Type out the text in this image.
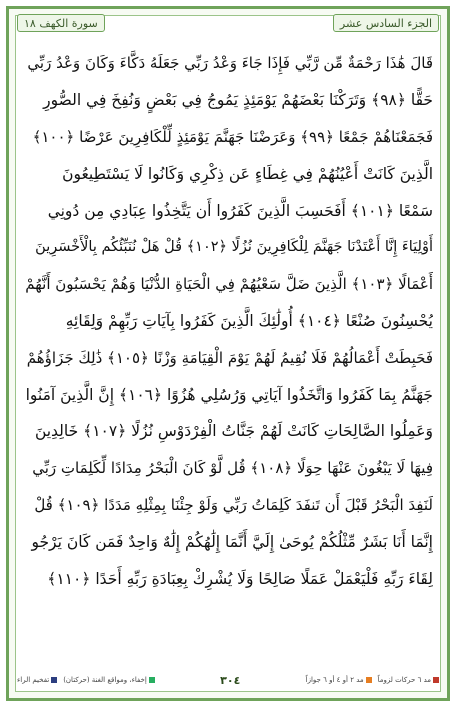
الجزء السادس عشر
سورة الكهف

١٨
قَالَ هَٰذَا رَحْمَةٌ مِّن رَّبِّي فَإِذَا جَاءَ وَعْدُ رَبِّي جَعَلَهُ دَكَّاءَ وَكَانَ وَعْدُ رَبِّي
حَقًّا ﴿٩٨﴾ وَتَرَكْنَا بَعْضَهُمْ يَوْمَئِذٍ يَمُوجُ فِي بَعْضٍ وَنُفِخَ فِي الصُّورِ
فَجَمَعْنَاهُمْ جَمْعًا ﴿٩٩﴾ وَعَرَضْنَا جَهَنَّمَ يَوْمَئِذٍ لِّلْكَافِرِينَ عَرْضًا ﴿١٠٠﴾
الَّذِينَ كَانَتْ أَعْيُنُهُمْ فِي غِطَاءٍ عَن ذِكْرِي وَكَانُوا لَا يَسْتَطِيعُونَ
سَمْعًا ﴿١٠١﴾ أَفَحَسِبَ الَّذِينَ كَفَرُوا أَن يَتَّخِذُوا عِبَادِي مِن دُونِي
أَوْلِيَاءَ إِنَّا أَعْتَدْنَا جَهَنَّمَ لِلْكَافِرِينَ نُزُلًا ﴿١٠٢﴾ قُلْ هَلْ نُنَبِّئُكُم بِالْأَخْسَرِينَ
أَعْمَالًا ﴿١٠٣﴾ الَّذِينَ ضَلَّ سَعْيُهُمْ فِي الْحَيَاةِ الدُّنْيَا وَهُمْ يَحْسَبُونَ أَنَّهُمْ
يُحْسِنُونَ صُنْعًا ﴿١٠٤﴾ أُولَٰئِكَ الَّذِينَ كَفَرُوا بِآيَاتِ رَبِّهِمْ وَلِقَائِهِ
فَحَبِطَتْ أَعْمَالُهُمْ فَلَا نُقِيمُ لَهُمْ يَوْمَ الْقِيَامَةِ وَزْنًا ﴿١٠٥﴾ ذَٰلِكَ جَزَاؤُهُمْ
جَهَنَّمُ بِمَا كَفَرُوا وَاتَّخَذُوا آيَاتِي وَرُسُلِي هُزُوًا ﴿١٠٦﴾ إِنَّ الَّذِينَ آمَنُوا
وَعَمِلُوا الصَّالِحَاتِ كَانَتْ لَهُمْ جَنَّاتُ الْفِرْدَوْسِ نُزُلًا ﴿١٠٧﴾ خَالِدِينَ
فِيهَا لَا يَبْغُونَ عَنْهَا حِوَلًا ﴿١٠٨﴾ قُل لَّوْ كَانَ الْبَحْرُ مِدَادًا لِّكَلِمَاتِ رَبِّي
لَنَفِدَ الْبَحْرُ قَبْلَ أَن تَنفَدَ كَلِمَاتُ رَبِّي وَلَوْ جِئْنَا بِمِثْلِهِ مَدَدًا ﴿١٠٩﴾ قُلْ
إِنَّمَا أَنَا بَشَرٌ مِّثْلُكُمْ يُوحَىٰ إِلَيَّ أَنَّمَا إِلَٰهُكُمْ إِلَٰهٌ وَاحِدٌ فَمَن كَانَ يَرْجُو
لِقَاءَ رَبِّهِ فَلْيَعْمَلْ عَمَلًا صَالِحًا وَلَا يُشْرِكْ بِعِبَادَةِ رَبِّهِ أَحَدًا ﴿١١٠﴾
مد ٦ حركات لزوماً
مد ٢ أو ٤ أو ٦ جوازاً
٣٠٤
إخفاء، ومواقع الغنة (حركتان)
تفخيم الراء
